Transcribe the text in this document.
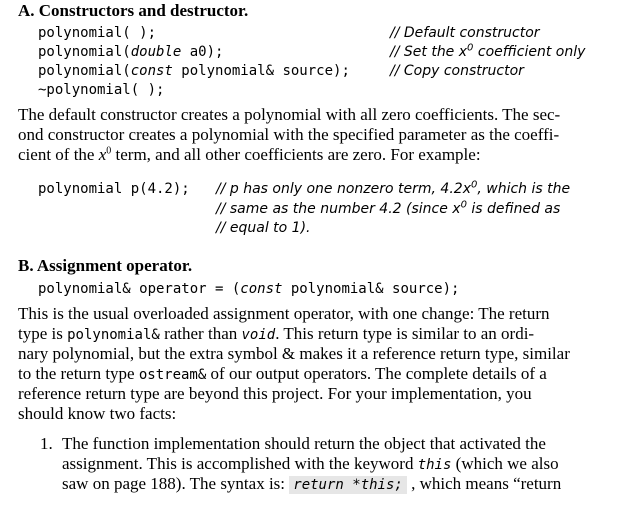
A. Constructors and destructor.
polynomial( );
polynomial(double a0);
polynomial(const polynomial& source);
~polynomial( );
// Default constructor
// Set the $x^0$ coefficient only
// Copy constructor
The default constructor creates a polynomial with all zero coefficients. The sec-
ond constructor creates a polynomial with the specified parameter as the coeffi-
cient of the $x^0$ term, and all other coefficients are zero. For example:
polynomial p(4.2); // p has only one nonzero term, $4.2x^0$, which is the
// same as the number 4.2 (since $x^0$ is defined as
// equal to 1).
B. Assignment operator.
polynomial& operator = (const polynomial& source);
This is the usual overloaded assignment operator, with one change: The return
type is polynomial& rather than void. This return type is similar to an ordi-
nary polynomial, but the extra symbol & makes it a reference return type, similar
to the return type ostream& of our output operators. The complete details of a
reference return type are beyond this project. For your implementation, you
should know two facts:
1. The function implementation should return the object that activated the
assignment. This is accomplished with the keyword this (which we also
saw on page 188). The syntax is: return *this; , which means “return
